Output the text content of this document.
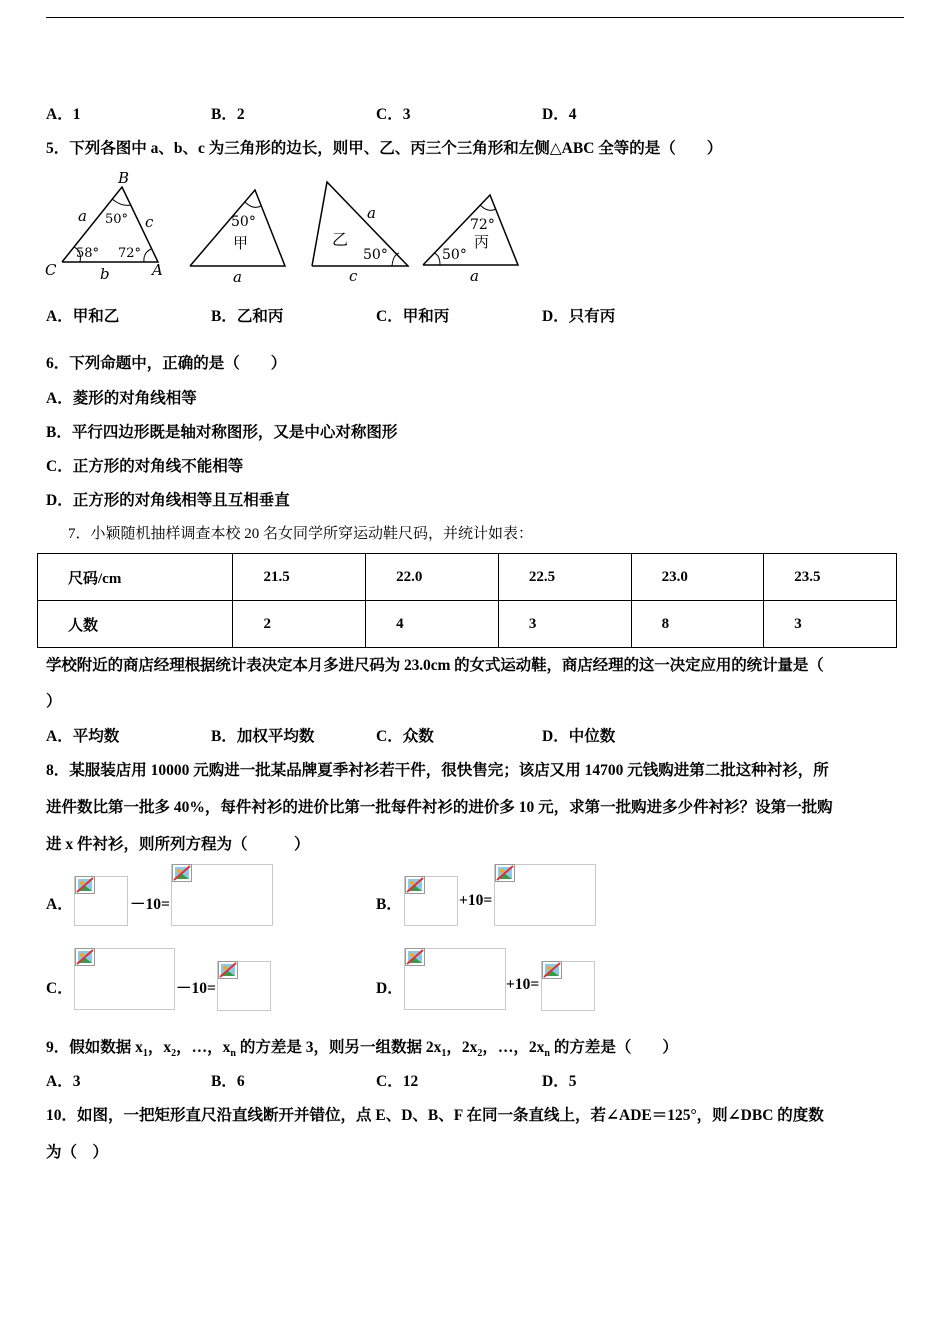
A．1	B．2	C．3	D．4
5．下列各图中 a、b、c 为三角形的边长，则甲、乙、丙三个三角形和左侧△ABC 全等的是（　　）
B
C	A
a
b
c
50°
58° 72°
50°
甲
a
乙
a
50°
c
72°
丙
50°
a
A．甲和乙	B．乙和丙	C．甲和丙	D．只有丙
6．下列命题中，正确的是（　　）
A．菱形的对角线相等
B．平行四边形既是轴对称图形，又是中心对称图形
C．正方形的对角线不能相等
D．正方形的对角线相等且互相垂直
7．小颖随机抽样调查本校 20 名女同学所穿运动鞋尺码，并统计如表：
尺码/cm	21.5	22.0	22.5	23.0	23.5
人数	2	4	3	8	3
学校附近的商店经理根据统计表决定本月多进尺码为 23.0cm 的女式运动鞋，商店经理的这一决定应用的统计量是（
）
A．平均数	B．加权平均数	C．众数	D．中位数
8．某服装店用 10000 元购进一批某品牌夏季衬衫若干件，很快售完；该店又用 14700 元钱购进第二批这种衬衫，所
进件数比第一批多 40%，每件衬衫的进价比第一批每件衬衫的进价多 10 元，求第一批购进多少件衬衫？设第一批购
进 x 件衬衫，则所列方程为（　　　）
A．	－10=	B．	+10=
C．	－10=	D．	+10=
9．假如数据 $x_1$，$x_2$，…，$x_n$ 的方差是 3，则另一组数据 $2x_1$，$2x_2$，…，$2x_n$ 的方差是（　　）
A．3	B．6	C．12	D．5
10．如图，一把矩形直尺沿直线断开并错位，点 E、D、B、F 在同一条直线上，若∠ADE＝125°，则∠DBC 的度数
为（　）
